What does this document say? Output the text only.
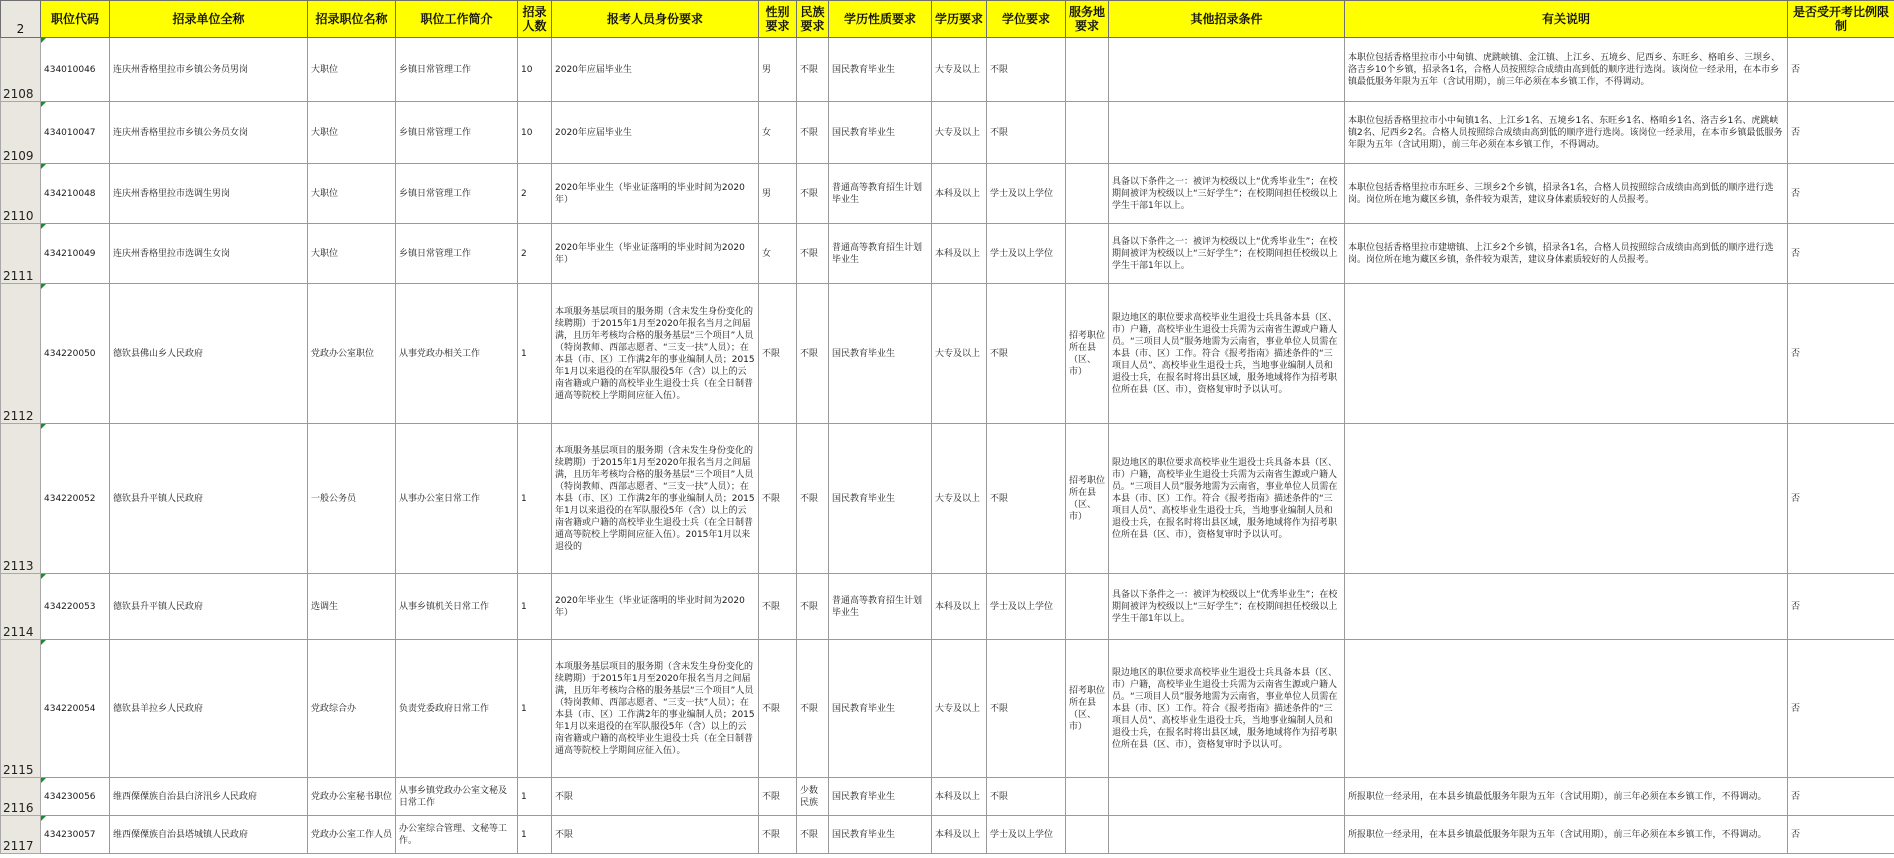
2	职位代码	招录单位全称	招录职位名称	职位工作简介	招录人数	报考人员身份要求	性别要求	民族要求	学历性质要求	学历要求	学位要求	服务地要求	其他招录条件	有关说明	是否受开考比例限制

2108	434010046	连庆州香格里拉市乡镇公务员男岗	大职位	乡镇日常管理工作	10	2020年应届毕业生	男	不限	国民教育毕业生	大专及以上	不限			本职位包括香格里拉市小中甸镇、虎跳峡镇、金江镇、上江乡、五境乡、尼西乡、东旺乡、格咱乡、三坝乡、洛吉乡10个乡镇，招录各1名，合格人员按照综合成绩由高到低的顺序进行选岗。该岗位一经录用，在本市乡镇最低服务年限为五年（含试用期），前三年必须在本乡镇工作，不得调动。	否

2109	434010047	连庆州香格里拉市乡镇公务员女岗	大职位	乡镇日常管理工作	10	2020年应届毕业生	女	不限	国民教育毕业生	大专及以上	不限			本职位包括香格里拉市小中甸镇1名、上江乡1名、五境乡1名、东旺乡1名、格咱乡1名、洛吉乡1名、虎跳峡镇2名、尼西乡2名。合格人员按照综合成绩由高到低的顺序进行选岗。该岗位一经录用，在本市乡镇最低服务年限为五年（含试用期），前三年必须在本乡镇工作，不得调动。	否

2110	434210048	连庆州香格里拉市选调生男岗	大职位	乡镇日常管理工作	2	2020年毕业生（毕业证落明的毕业时间为2020年）	男	不限	普通高等教育招生计划毕业生	本科及以上	学士及以上学位		具备以下条件之一：被评为校级以上“优秀毕业生”；在校期间被评为校级以上“三好学生”；在校期间担任校级以上学生干部1年以上。	本职位包括香格里拉市东旺乡、三坝乡2个乡镇，招录各1名，合格人员按照综合成绩由高到低的顺序进行选岗。岗位所在地为藏区乡镇，条件较为艰苦，建议身体素质较好的人员报考。	否

2111	434210049	连庆州香格里拉市选调生女岗	大职位	乡镇日常管理工作	2	2020年毕业生（毕业证落明的毕业时间为2020年）	女	不限	普通高等教育招生计划毕业生	本科及以上	学士及以上学位		具备以下条件之一：被评为校级以上“优秀毕业生”；在校期间被评为校级以上“三好学生”；在校期间担任校级以上学生干部1年以上。	本职位包括香格里拉市建塘镇、上江乡2个乡镇，招录各1名，合格人员按照综合成绩由高到低的顺序进行选岗。岗位所在地为藏区乡镇，条件较为艰苦，建议身体素质较好的人员报考。	否

2112	434220050	德钦县佛山乡人民政府	党政办公室职位	从事党政办相关工作	1	本项服务基层项目的服务期（含未发生身份变化的续聘期）于2015年1月至2020年报名当月之间届满，且历年考核均合格的服务基层“三个项目”人员（特岗教师、西部志愿者、“三支一扶”人员）；在本县（市、区）工作满2年的事业编制人员；2015年1月以来退役的在军队服役5年（含）以上的云南省籍或户籍的高校毕业生退役士兵（在全日制普通高等院校上学期间应征入伍）。	不限	不限	国民教育毕业生	大专及以上	不限	招考职位所在县（区、市）	限边地区的职位要求高校毕业生退役士兵具备本县（区、市）户籍，高校毕业生退役士兵需为云南省生源或户籍人员。“三项目人员”服务地需为云南省，事业单位人员需在本县（市、区）工作。符合《报考指南》描述条件的“三项目人员”、高校毕业生退役士兵，当地事业编制人员和退役士兵，在报名时将出县区域，服务地域将作为招考职位所在县（区、市），资格复审时予以认可。		否

2113	434220052	德钦县升平镇人民政府	一般公务员	从事办公室日常工作	1	本项服务基层项目的服务期（含未发生身份变化的续聘期）于2015年1月至2020年报名当月之间届满，且历年考核均合格的服务基层“三个项目”人员（特岗教师、西部志愿者、“三支一扶”人员）；在本县（市、区）工作满2年的事业编制人员；2015年1月以来退役的在军队服役5年（含）以上的云南省籍或户籍的高校毕业生退役士兵（在全日制普通高等院校上学期间应征入伍）。2015年1月以来退役的	不限	不限	国民教育毕业生	大专及以上	不限	招考职位所在县（区、市）	限边地区的职位要求高校毕业生退役士兵具备本县（区、市）户籍，高校毕业生退役士兵需为云南省生源或户籍人员。“三项目人员”服务地需为云南省，事业单位人员需在本县（市、区）工作。符合《报考指南》描述条件的“三项目人员”、高校毕业生退役士兵，当地事业编制人员和退役士兵，在报名时将出县区域，服务地域将作为招考职位所在县（区、市），资格复审时予以认可。		否

2114	434220053	德钦县升平镇人民政府	选调生	从事乡镇机关日常工作	1	2020年毕业生（毕业证落明的毕业时间为2020年）	不限	不限	普通高等教育招生计划毕业生	本科及以上	学士及以上学位		具备以下条件之一：被评为校级以上“优秀毕业生”；在校期间被评为校级以上“三好学生”；在校期间担任校级以上学生干部1年以上。		否

2115	434220054	德钦县羊拉乡人民政府	党政综合办	负责党委政府日常工作	1	本项服务基层项目的服务期（含未发生身份变化的续聘期）于2015年1月至2020年报名当月之间届满，且历年考核均合格的服务基层“三个项目”人员（特岗教师、西部志愿者、“三支一扶”人员）；在本县（市、区）工作满2年的事业编制人员；2015年1月以来退役的在军队服役5年（含）以上的云南省籍或户籍的高校毕业生退役士兵（在全日制普通高等院校上学期间应征入伍）。	不限	不限	国民教育毕业生	大专及以上	不限	招考职位所在县（区、市）	限边地区的职位要求高校毕业生退役士兵具备本县（区、市）户籍，高校毕业生退役士兵需为云南省生源或户籍人员。“三项目人员”服务地需为云南省，事业单位人员需在本县（市、区）工作。符合《报考指南》描述条件的“三项目人员”、高校毕业生退役士兵，当地事业编制人员和退役士兵，在报名时将出县区域，服务地域将作为招考职位所在县（区、市），资格复审时予以认可。		否

2116	434230056	维西傈僳族自治县白济汛乡人民政府	党政办公室秘书职位	从事乡镇党政办公室文秘及日常工作	1	不限	不限	少数民族	国民教育毕业生	本科及以上	不限			所报职位一经录用，在本县乡镇最低服务年限为五年（含试用期），前三年必须在本乡镇工作，不得调动。	否

2117	434230057	维西傈僳族自治县塔城镇人民政府	党政办公室工作人员	办公室综合管理、文秘等工作。	1	不限	不限	不限	国民教育毕业生	本科及以上	学士及以上学位			所报职位一经录用，在本县乡镇最低服务年限为五年（含试用期），前三年必须在本乡镇工作，不得调动。	否
